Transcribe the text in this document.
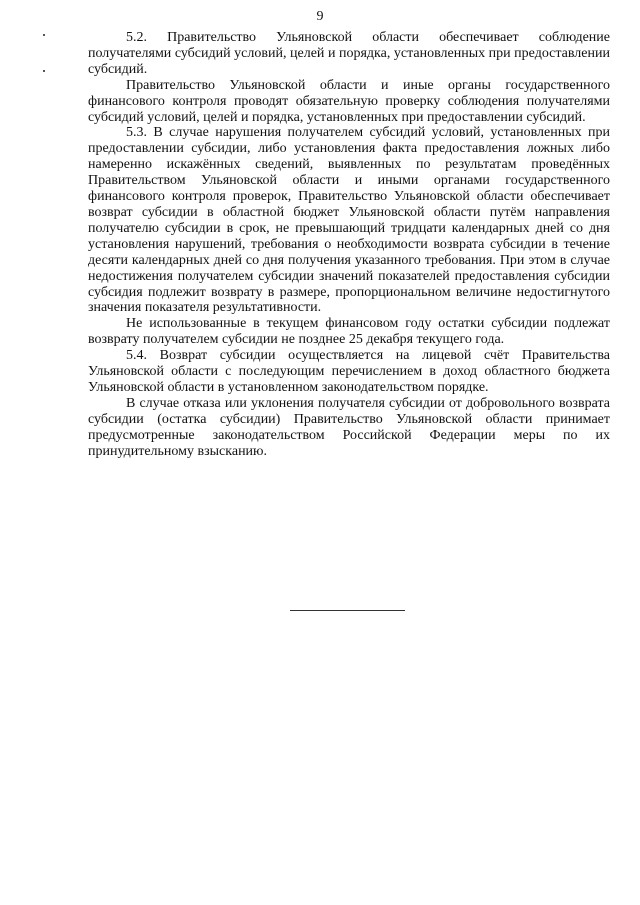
9

5.2. Правительство Ульяновской области обеспечивает соблюдение получателями субсидий условий, целей и порядка, установленных при предоставлении субсидий.

Правительство Ульяновской области и иные органы государственного финансового контроля проводят обязательную проверку соблюдения получателями субсидий условий, целей и порядка, установленных при предоставлении субсидий.

5.3. В случае нарушения получателем субсидий условий, установленных при предоставлении субсидии, либо установления факта предоставления ложных либо намеренно искажённых сведений, выявленных по результатам проведённых Правительством Ульяновской области и иными органами государственного финансового контроля проверок, Правительство Ульяновской области обеспечивает возврат субсидии в областной бюджет Ульяновской области путём направления получателю субсидии в срок, не превышающий тридцати календарных дней со дня установления нарушений, требования о необходимости возврата субсидии в течение десяти календарных дней со дня получения указанного требования. При этом в случае недостижения получателем субсидии значений показателей предоставления субсидии субсидия подлежит возврату в размере, пропорциональном величине недостигнутого значения показателя результативности.

Не использованные в текущем финансовом году остатки субсидии подлежат возврату получателем субсидии не позднее 25 декабря текущего года.

5.4. Возврат субсидии осуществляется на лицевой счёт Правительства Ульяновской области с последующим перечислением в доход областного бюджета Ульяновской области в установленном законодательством порядке.

В случае отказа или уклонения получателя субсидии от добровольного возврата субсидии (остатка субсидии) Правительство Ульяновской области принимает предусмотренные законодательством Российской Федерации меры по их принудительному взысканию.
